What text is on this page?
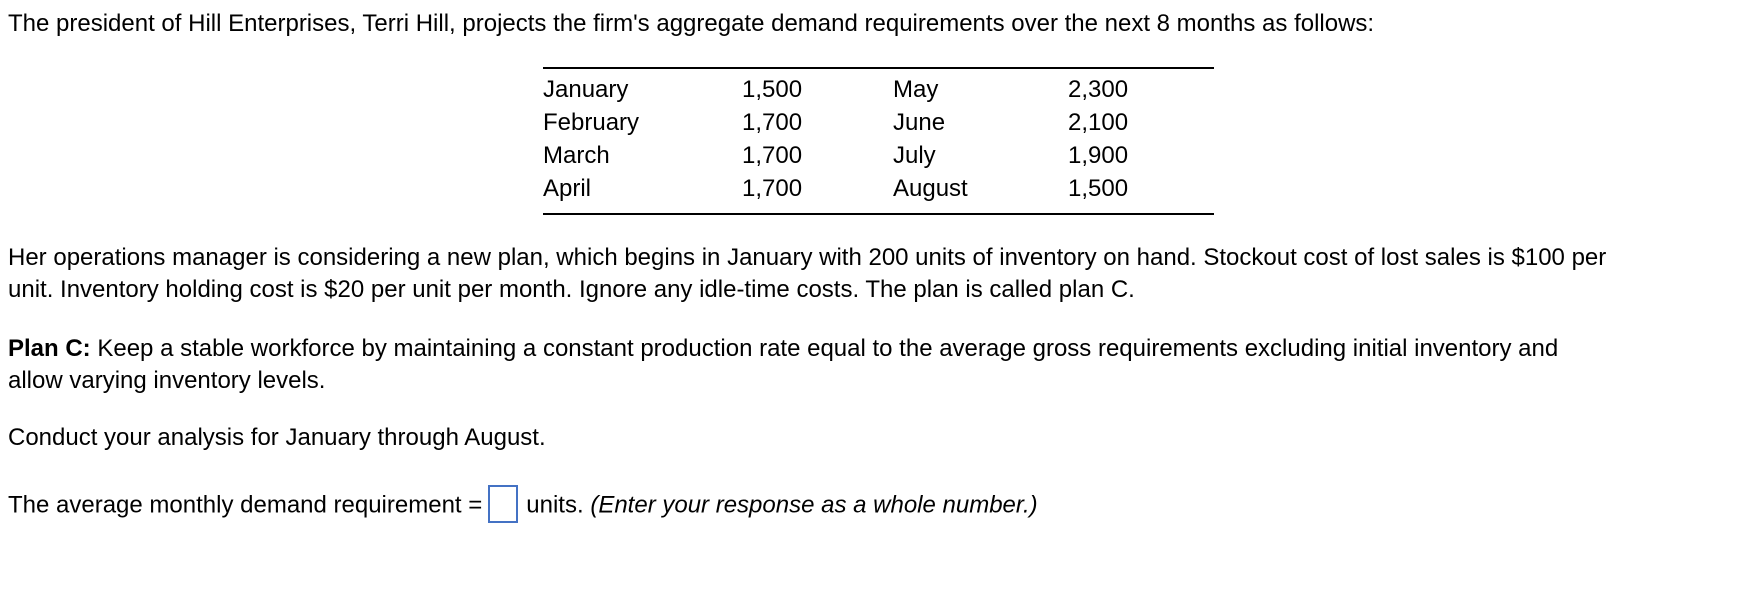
The president of Hill Enterprises, Terri Hill, projects the firm's aggregate demand requirements over the next 8 months as follows:

January	1,500	May	2,300
February	1,700	June	2,100
March	1,700	July	1,900
April	1,700	August	1,500
Her operations manager is considering a new plan, which begins in January with 200 units of inventory on hand. Stockout cost of lost sales is $100 per
unit. Inventory holding cost is $20 per unit per month. Ignore any idle-time costs. The plan is called plan C.
Plan C: Keep a stable workforce by maintaining a constant production rate equal to the average gross requirements excluding initial inventory and
allow varying inventory levels.

Conduct your analysis for January through August.

The average monthly demand requirement = units. (Enter your response as a whole number.)
